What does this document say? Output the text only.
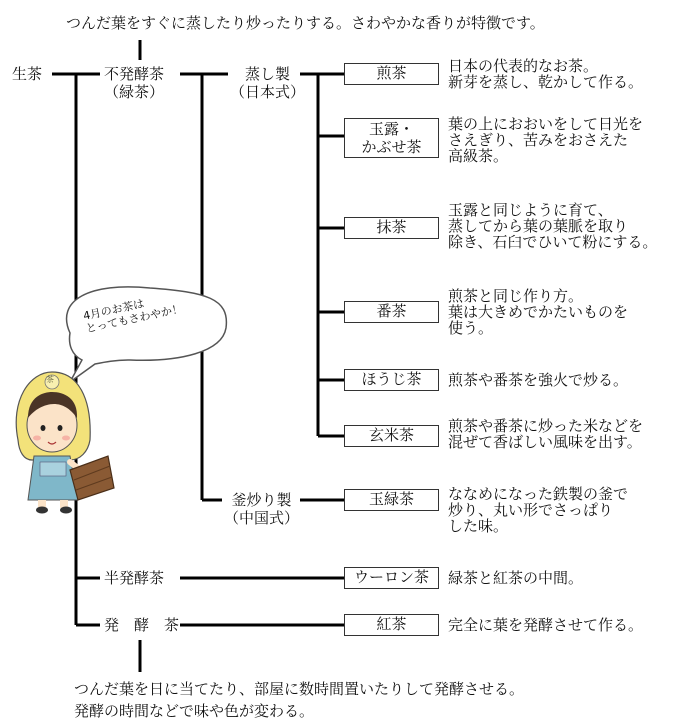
4月のお茶は
とってもさわやか！
茶
つんだ葉をすぐに蒸したり炒ったりする。さわやかな香りが特徴です。
生茶	不発酵茶
（緑茶）
半発酵茶
発　酵　茶
蒸し製
（日本式）
釜炒り製
（中国式）
煎茶
玉露・
かぶせ茶
抹茶
番茶
ほうじ茶
玄米茶
玉緑茶
ウーロン茶
紅茶
日本の代表的なお茶。
新芽を蒸し、乾かして作る。
葉の上におおいをして日光を
さえぎり、苦みをおさえた
高級茶。
玉露と同じように育て、
蒸してから葉の葉脈を取り
除き、石臼でひいて粉にする。
煎茶と同じ作り方。
葉は大きめでかたいものを
使う。
煎茶や番茶を強火で炒る。
煎茶や番茶に炒った米などを
混ぜて香ばしい風味を出す。
ななめになった鉄製の釜で
炒り、丸い形でさっぱり
した味。
緑茶と紅茶の中間。
完全に葉を発酵させて作る。
つんだ葉を日に当てたり、部屋に数時間置いたりして発酵させる。
発酵の時間などで味や色が変わる。
